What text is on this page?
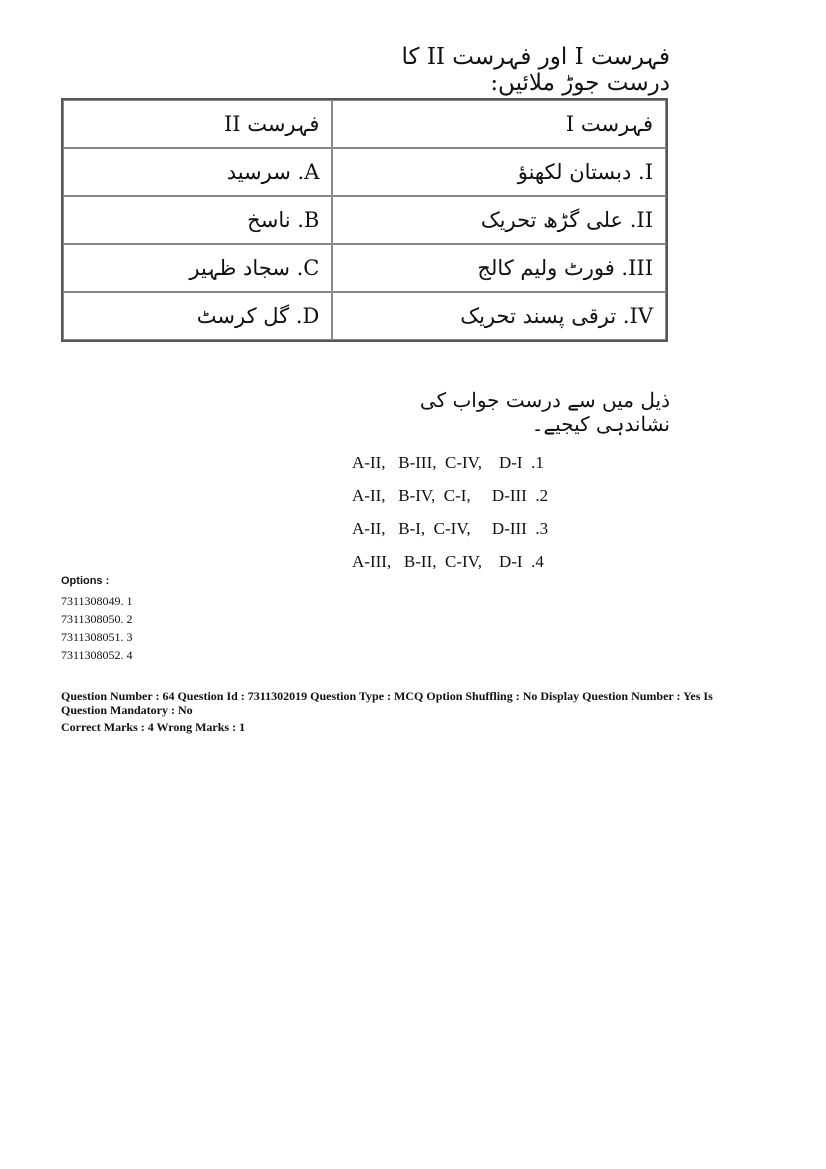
فہرست I اور فہرست II کا درست جوڑ ملائیں:
فہرست II	فہرست I
A. سرسید	I. دبستان لکھنؤ
B. ناسخ	II. علی گڑھ تحریک
C. سجاد ظہیر	III. فورٹ ولیم کالج
D. گل کرسٹ	IV. ترقی پسند تحریک
ذیل میں سے درست جواب کی نشاندہی کیجیے۔
A-II,   B-III,  C-IV,    D-I  .1
A-II,   B-IV,  C-I,     D-III  .2
A-II,   B-I,  C-IV,     D-III  .3
A-III,   B-II,  C-IV,    D-I  .4
Options :
7311308049. 1
7311308050. 2
7311308051. 3
7311308052. 4
Question Number : 64 Question Id : 7311302019 Question Type : MCQ Option Shuffling : No Display Question Number : Yes Is Question Mandatory : No
Correct Marks : 4 Wrong Marks : 1
